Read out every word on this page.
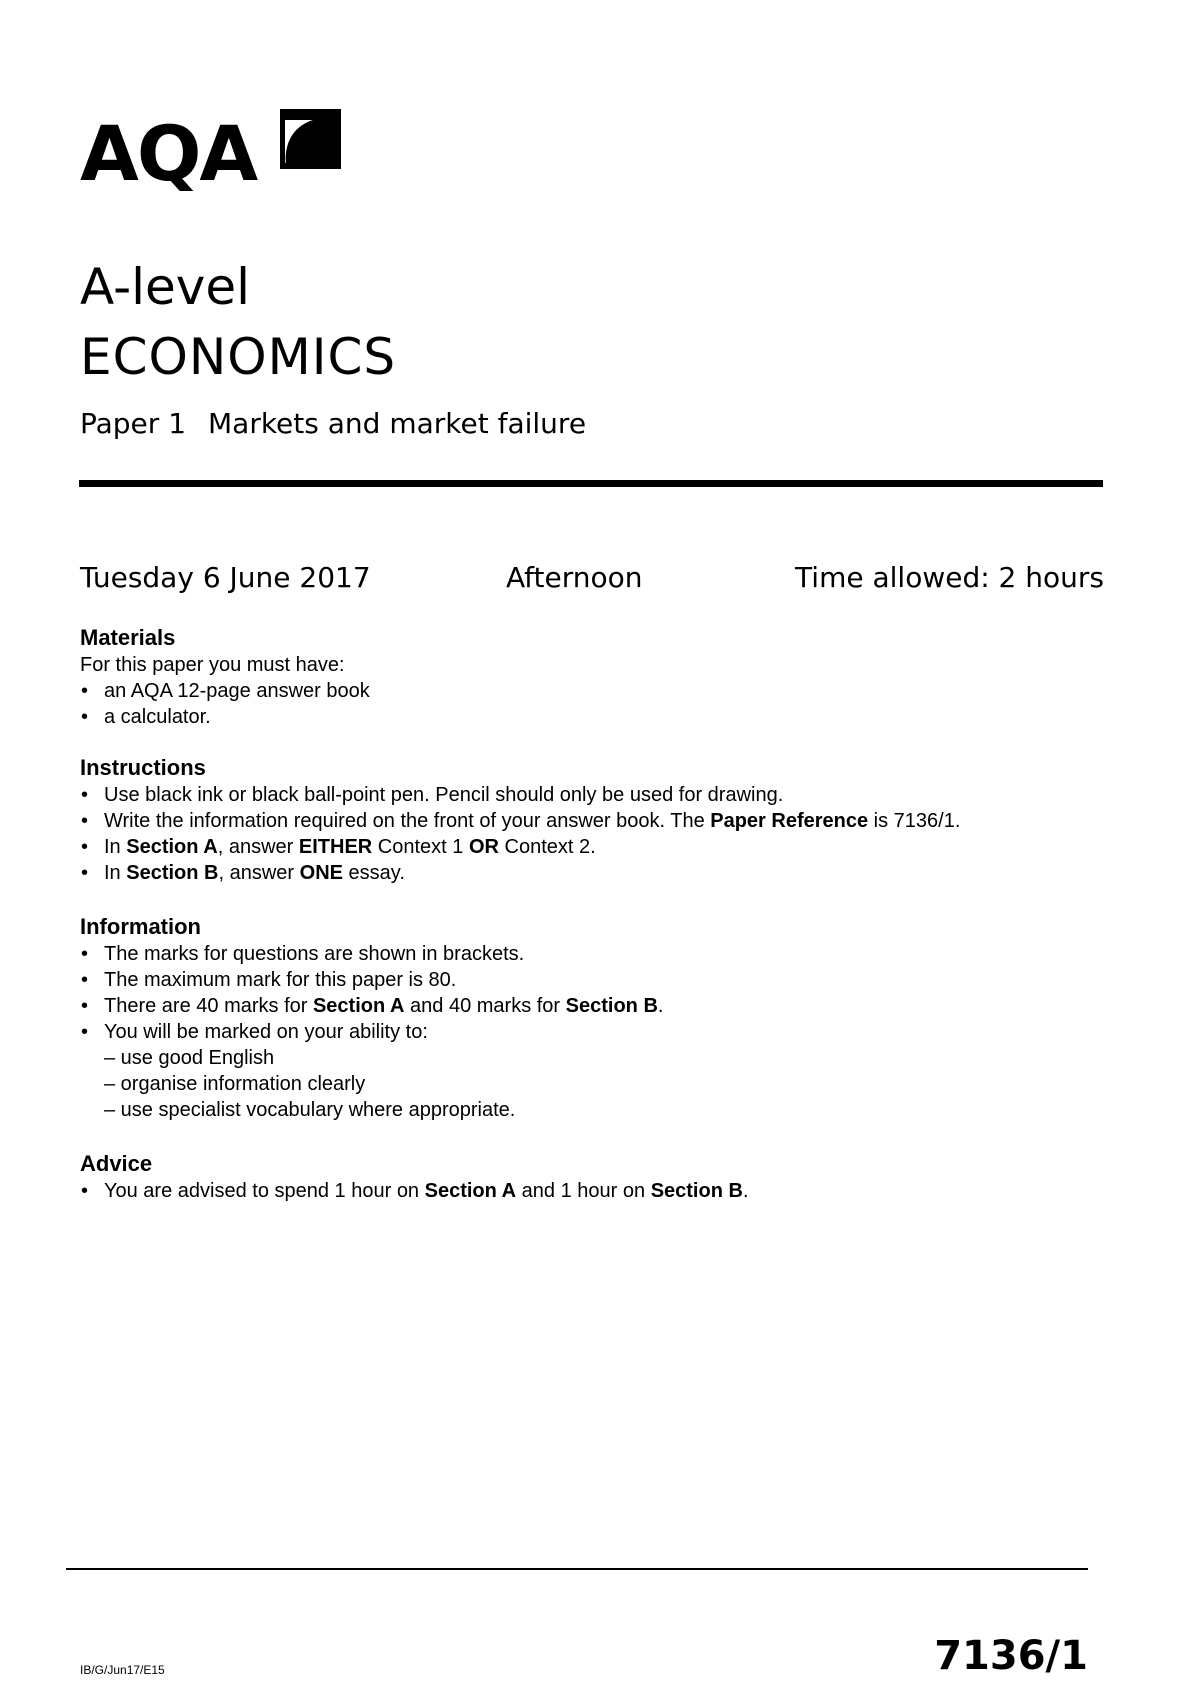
AQA
A-level
ECONOMICS
Paper 1 Markets and market failure
Tuesday 6 June 2017	Afternoon	Time allowed: 2 hours
Materials

For this paper you must have:

• an AQA 12-page answer book
• a calculator.
Instructions
• Use black ink or black ball-point pen. Pencil should only be used for drawing.
• Write the information required on the front of your answer book. The Paper Reference is 7136/1.
• In Section A, answer EITHER Context 1 OR Context 2.
• In Section B, answer ONE essay.
Information
• The marks for questions are shown in brackets.
• The maximum mark for this paper is 80.
• There are 40 marks for Section A and 40 marks for Section B.
• You will be marked on your ability to:
– use good English
– organise information clearly
– use specialist vocabulary where appropriate.
Advice
• You are advised to spend 1 hour on Section A and 1 hour on Section B.
IB/G/Jun17/E15	7136/1
